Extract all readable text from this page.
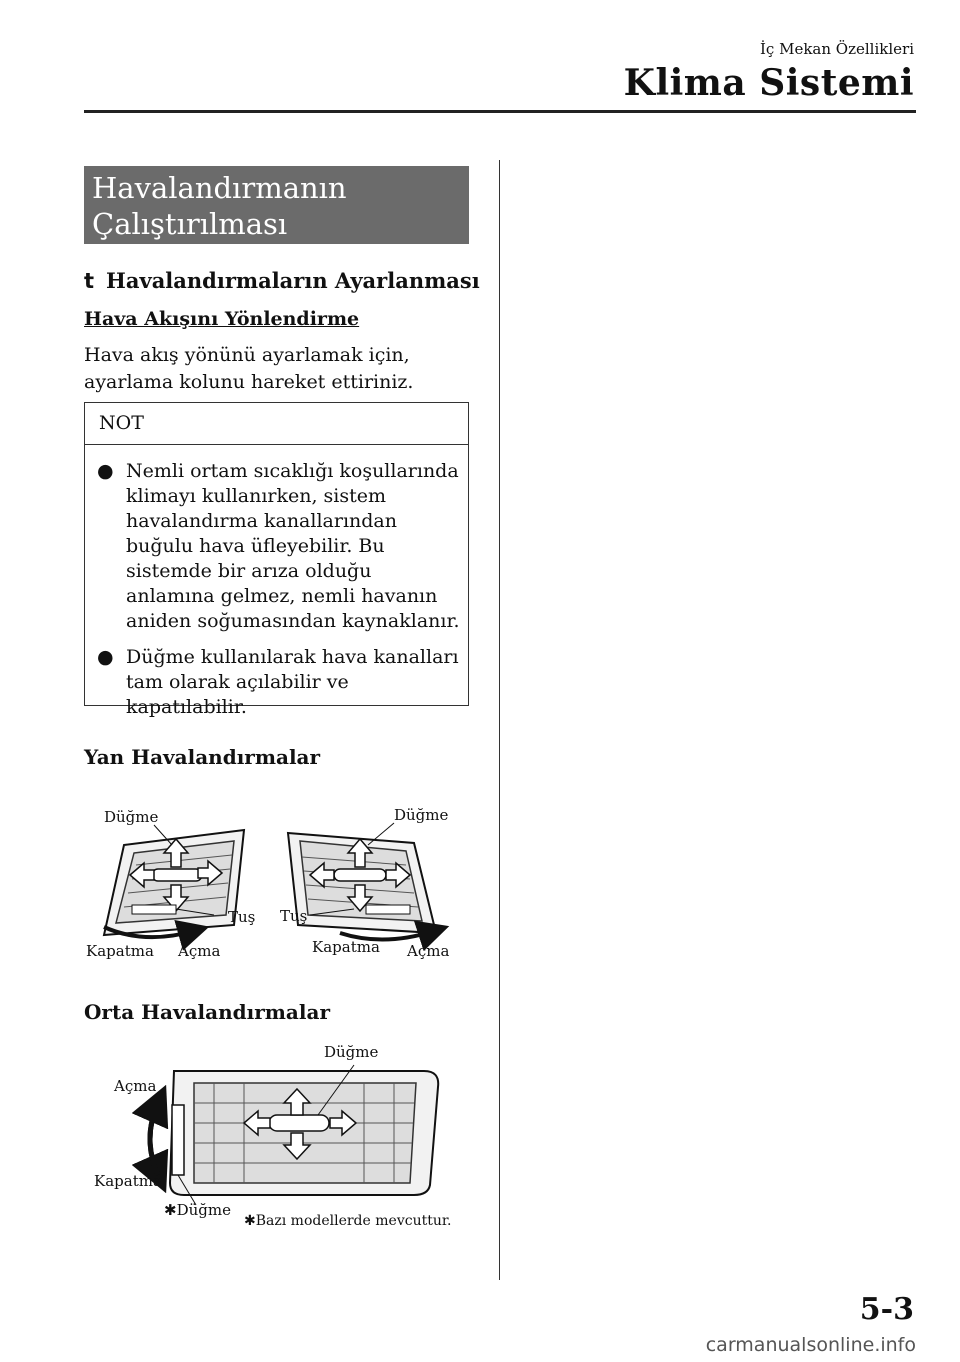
İç Mekan Özellikleri
Klima Sistemi
Havalandırmanın
Çalıştırılması
t Havalandırmaların Ayarlanması
Hava Akışını Yönlendirme
Hava akış yönünü ayarlamak için,
ayarlama kolunu hareket ettiriniz.
NOT
● Nemli ortam sıcaklığı koşullarında klimayı kullanırken, sistem havalandırma kanallarından buğulu hava üfleyebilir. Bu sistemde bir arıza olduğu anlamına gelmez, nemli havanın aniden soğumasından kaynaklanır.
● Düğme kullanılarak hava kanalları tam olarak açılabilir ve kapatılabilir.
Yan Havalandırmalar
Düğme
Tuş
Kapatma Açma
Düğme
Tuş
Kapatma Açma
Orta Havalandırmalar
Düğme
Açma
Kapatma
✱Düğme
✱Bazı modellerde mevcuttur.
5-3
carmanualsonline.info
